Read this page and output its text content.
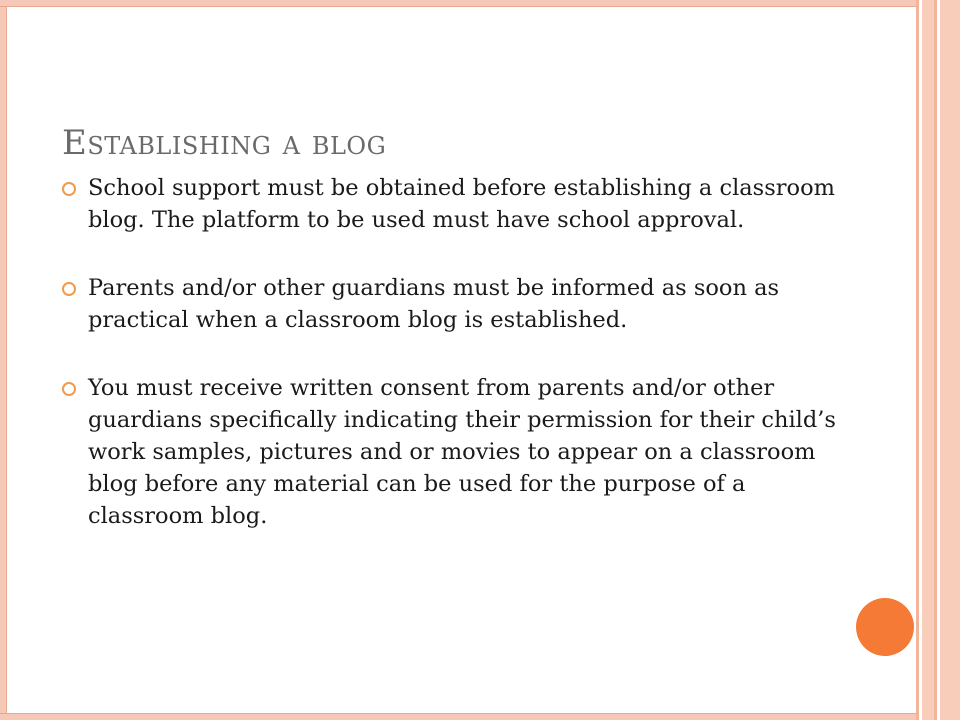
Establishing a blog
School support must be obtained before establishing a classroom blog. The platform to be used must have school approval.
Parents and/or other guardians must be informed as soon as practical when a classroom blog is established.
You must receive written consent from parents and/or other guardians specifically indicating their permission for their child’s work samples, pictures and or movies to appear on a classroom blog before any material can be used for the purpose of a classroom blog.
